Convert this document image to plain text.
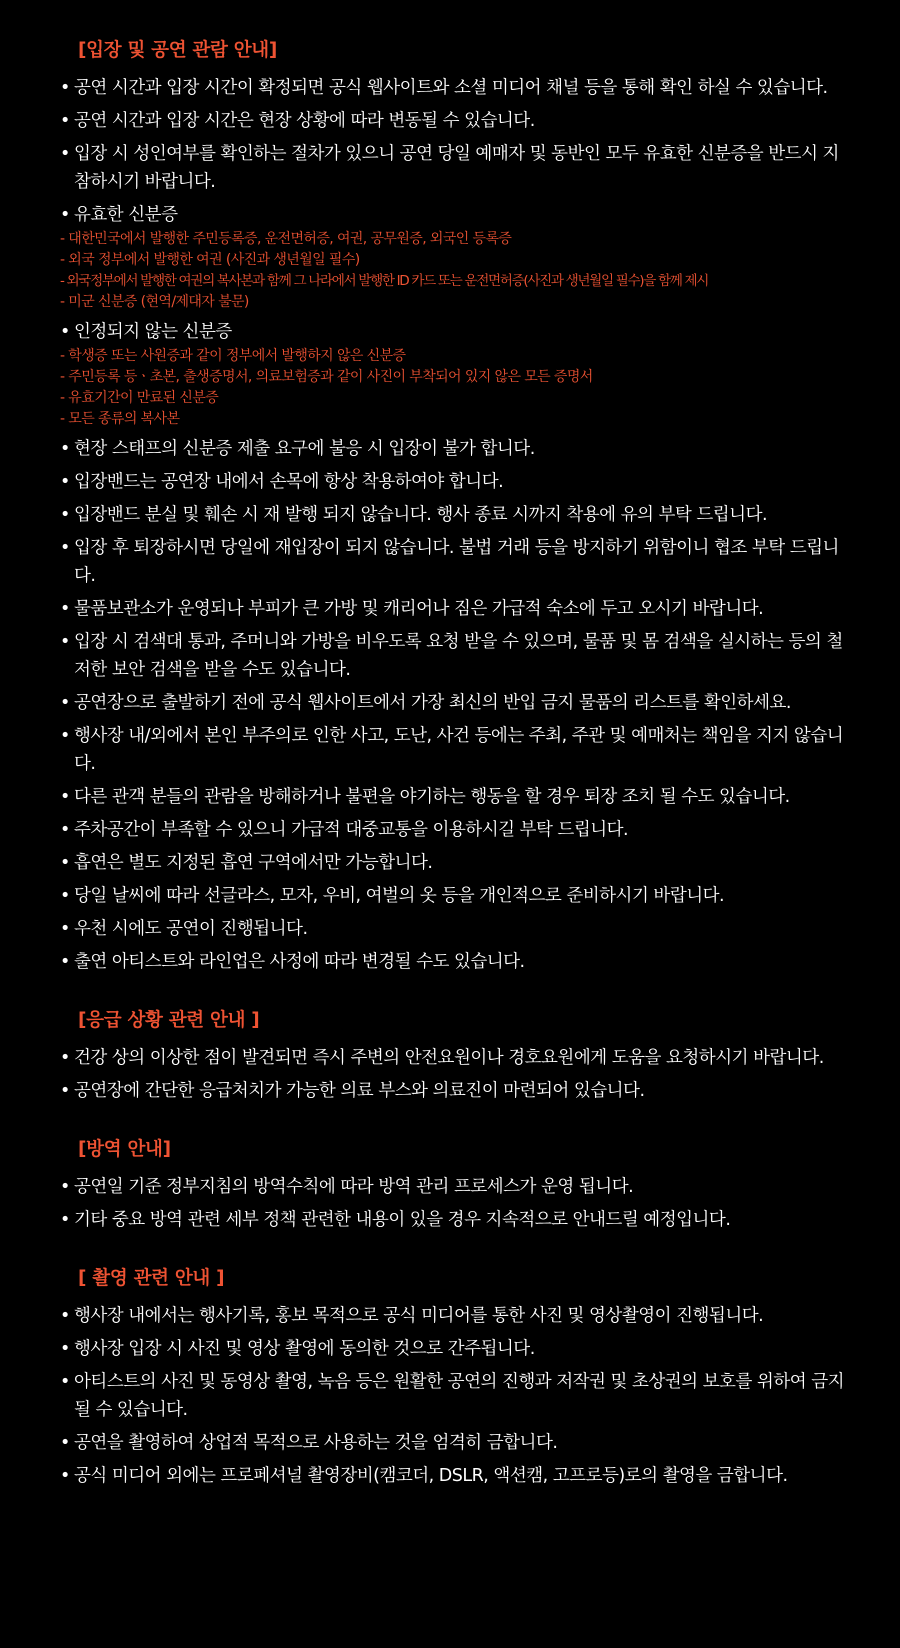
[입장 및 공연 관람 안내]
• 공연 시간과 입장 시간이 확정되면 공식 웹사이트와 소셜 미디어 채널 등을 통해 확인 하실 수 있습니다.
• 공연 시간과 입장 시간은 현장 상황에 따라 변동될 수 있습니다.
• 입장 시 성인여부를 확인하는 절차가 있으니 공연 당일 예매자 및 동반인 모두 유효한 신분증을 반드시 지참하시기 바랍니다.
• 유효한 신분증
- 대한민국에서 발행한 주민등록증, 운전면허증, 여권, 공무원증, 외국인 등록증
- 외국 정부에서 발행한 여권 (사진과 생년월일 필수)
- 외국정부에서 발행한 여권의 복사본과 함께 그 나라에서 발행한 ID 카드 또는 운전면허증(사진과 생년월일 필수)을 함께 제시
- 미군 신분증 (현역/제대자 불문)
• 인정되지 않는 신분증
- 학생증 또는 사원증과 같이 정부에서 발행하지 않은 신분증
- 주민등록 등ㆍ초본, 출생증명서, 의료보험증과 같이 사진이 부착되어 있지 않은 모든 증명서
- 유효기간이 만료된 신분증
- 모든 종류의 복사본
• 현장 스태프의 신분증 제출 요구에 불응 시 입장이 불가 합니다.
• 입장밴드는 공연장 내에서 손목에 항상 착용하여야 합니다.
• 입장밴드 분실 및 훼손 시 재 발행 되지 않습니다. 행사 종료 시까지 착용에 유의 부탁 드립니다.
• 입장 후 퇴장하시면 당일에 재입장이 되지 않습니다. 불법 거래 등을 방지하기 위함이니 협조 부탁 드립니다.
• 물품보관소가 운영되나 부피가 큰 가방 및 캐리어나 짐은 가급적 숙소에 두고 오시기 바랍니다.
• 입장 시 검색대 통과, 주머니와 가방을 비우도록 요청 받을 수 있으며, 물품 및 몸 검색을 실시하는 등의 철저한 보안 검색을 받을 수도 있습니다.
• 공연장으로 출발하기 전에 공식 웹사이트에서 가장 최신의 반입 금지 물품의 리스트를 확인하세요.
• 행사장 내/외에서 본인 부주의로 인한 사고, 도난, 사건 등에는 주최, 주관 및 예매처는 책임을 지지 않습니다.
• 다른 관객 분들의 관람을 방해하거나 불편을 야기하는 행동을 할 경우 퇴장 조치 될 수도 있습니다.
• 주차공간이 부족할 수 있으니 가급적 대중교통을 이용하시길 부탁 드립니다.
• 흡연은 별도 지정된 흡연 구역에서만 가능합니다.
• 당일 날씨에 따라 선글라스, 모자, 우비, 여벌의 옷 등을 개인적으로 준비하시기 바랍니다.
• 우천 시에도 공연이 진행됩니다.
• 출연 아티스트와 라인업은 사정에 따라 변경될 수도 있습니다.
[응급 상황 관련 안내 ]
• 건강 상의 이상한 점이 발견되면 즉시 주변의 안전요원이나 경호요원에게 도움을 요청하시기 바랍니다.
• 공연장에 간단한 응급처치가 가능한 의료 부스와 의료진이 마련되어 있습니다.
[방역 안내]
• 공연일 기준 정부지침의 방역수칙에 따라 방역 관리 프로세스가 운영 됩니다.
• 기타 중요 방역 관련 세부 정책 관련한 내용이 있을 경우 지속적으로 안내드릴 예정입니다.
[ 촬영 관련 안내 ]
• 행사장 내에서는 행사기록, 홍보 목적으로 공식 미디어를 통한 사진 및 영상촬영이 진행됩니다.
• 행사장 입장 시 사진 및 영상 촬영에 동의한 것으로 간주됩니다.
• 아티스트의 사진 및 동영상 촬영, 녹음 등은 원활한 공연의 진행과 저작권 및 초상권의 보호를 위하여 금지될 수 있습니다.
• 공연을 촬영하여 상업적 목적으로 사용하는 것을 엄격히 금합니다.
• 공식 미디어 외에는 프로페셔널 촬영장비(캠코더, DSLR, 액션캠, 고프로등)로의 촬영을 금합니다.
